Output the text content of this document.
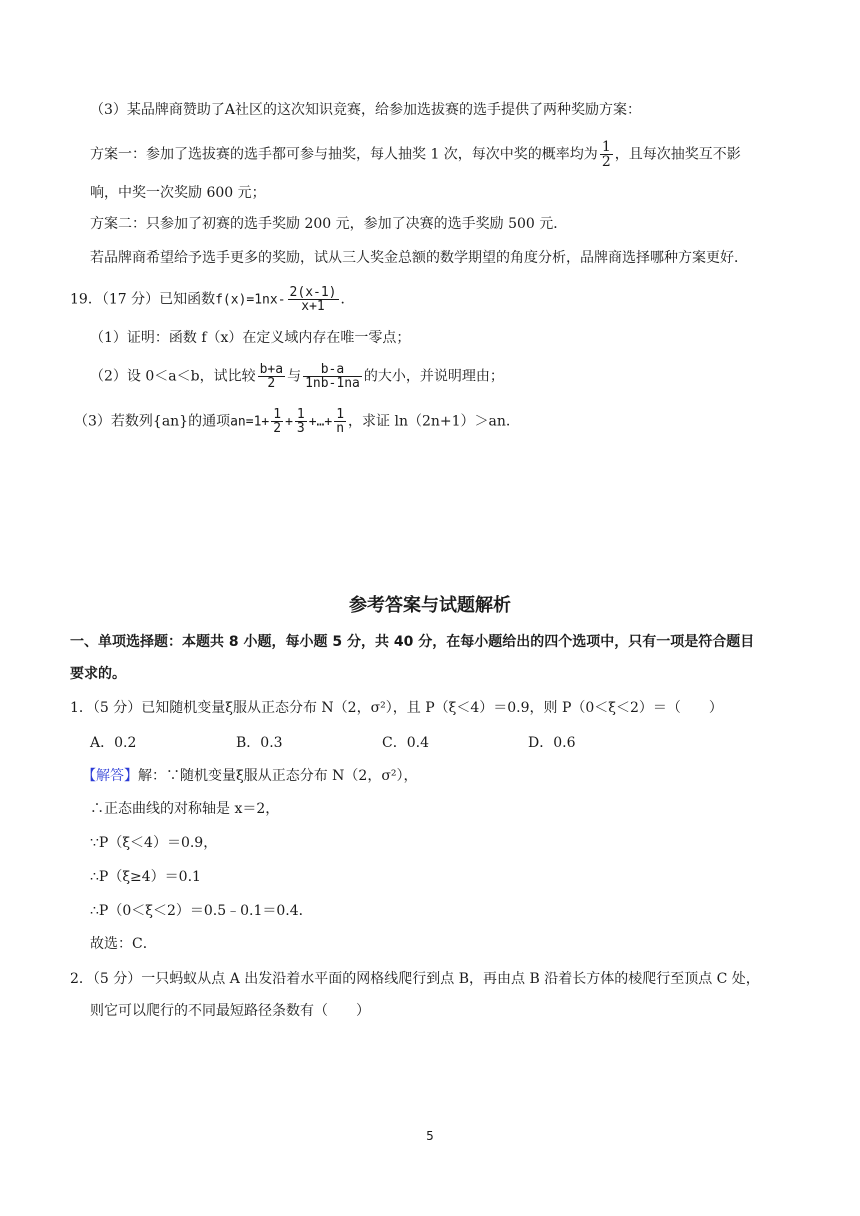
（3）某品牌商赞助了A社区的这次知识竞赛，给参加选拔赛的选手提供了两种奖励方案：
方案一：参加了选拔赛的选手都可参与抽奖，每人抽奖 1 次，每次中奖的概率均为 $\frac{1}{2}$ ，且每次抽奖互不影
响，中奖一次奖励 600 元；
方案二：只参加了初赛的选手奖励 200 元，参加了决赛的选手奖励 500 元．
若品牌商希望给予选手更多的奖励，试从三人奖金总额的数学期望的角度分析，品牌商选择哪种方案更好．
19．（17 分）已知函数$f(x)=1nx- \frac{2(x-1)}{x+1}$ ．
（1）证明：函数 f（x）在定义域内存在唯一零点；
（2）设 0＜a＜b，试比较 $\frac{b+a}{2}$ 与 $\frac{b-a}{1nb-1na}$ 的大小，并说明理由；
（3）若数列{an}的通项$an=1+ \frac{1}{2} + \frac{1}{3}$ +…+ $\frac{1}{n}$ ，求证 ln（2n+1）＞an.
参考答案与试题解析
一、单项选择题：本题共 8 小题，每小题 5 分，共 40 分，在每小题给出的四个选项中，只有一项是符合题目
要求的。
1．（5 分）已知随机变量ξ服从正态分布 N（2，σ²），且 P（ξ＜4）＝0.9，则 P（0＜ξ＜2）＝（　　）
A．0.2	B．0.3	C．0.4	D．0.6
【解答】解：∵随机变量ξ服从正态分布 N（2，σ²），
∴正态曲线的对称轴是 x＝2，
∵P（ξ＜4）＝0.9，
∴P（ξ≥4）＝0.1
∴P（0＜ξ＜2）＝0.5﹣0.1＝0.4．
故选：C．
2．（5 分）一只蚂蚁从点 A 出发沿着水平面的网格线爬行到点 B，再由点 B 沿着长方体的棱爬行至顶点 C 处，
则它可以爬行的不同最短路径条数有（　　）
5
